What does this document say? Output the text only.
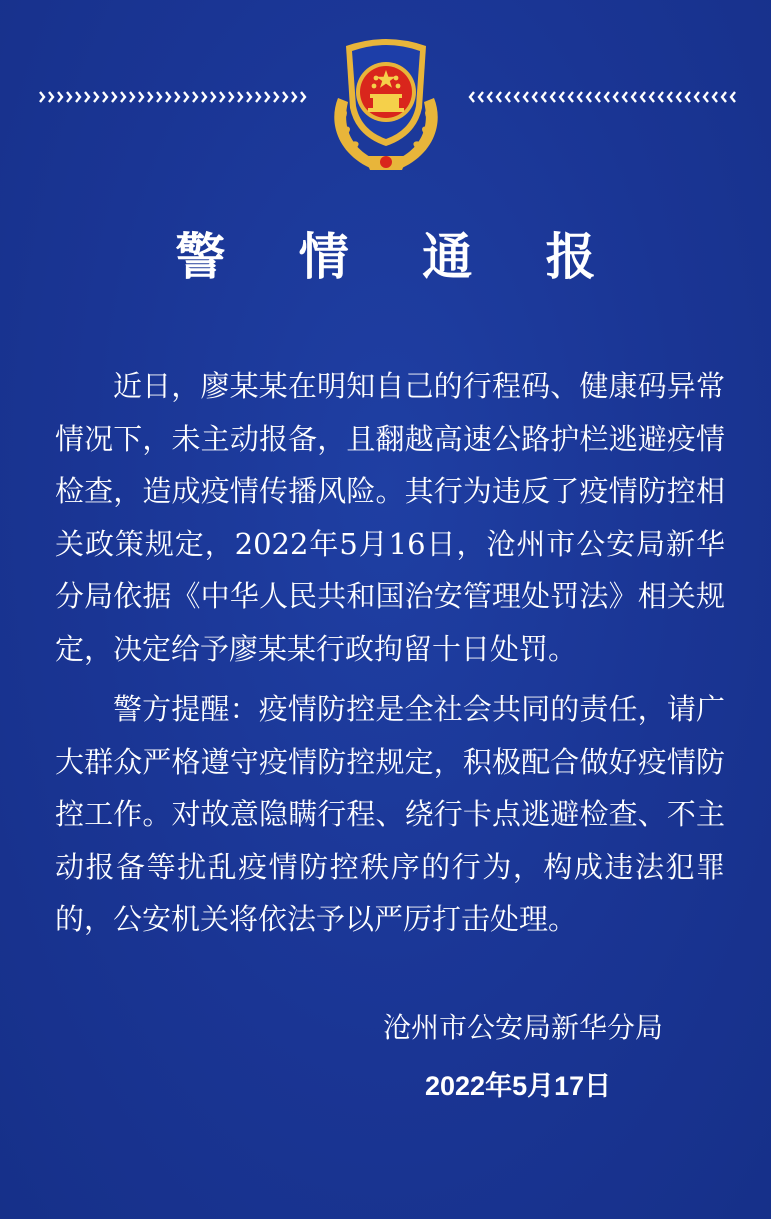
警 情 通 报

近日，廖某某在明知自己的行程码、健康码异常情况下，未主动报备，且翻越高速公路护栏逃避疫情检查，造成疫情传播风险。其行为违反了疫情防控相关政策规定，2022年5月16日，沧州市公安局新华分局依据《中华人民共和国治安管理处罚法》相关规定，决定给予廖某某行政拘留十日处罚。

警方提醒：疫情防控是全社会共同的责任，请广大群众严格遵守疫情防控规定，积极配合做好疫情防控工作。对故意隐瞒行程、绕行卡点逃避检查、不主动报备等扰乱疫情防控秩序的行为，构成违法犯罪的，公安机关将依法予以严厉打击处理。

沧州市公安局新华分局
2022年5月17日
